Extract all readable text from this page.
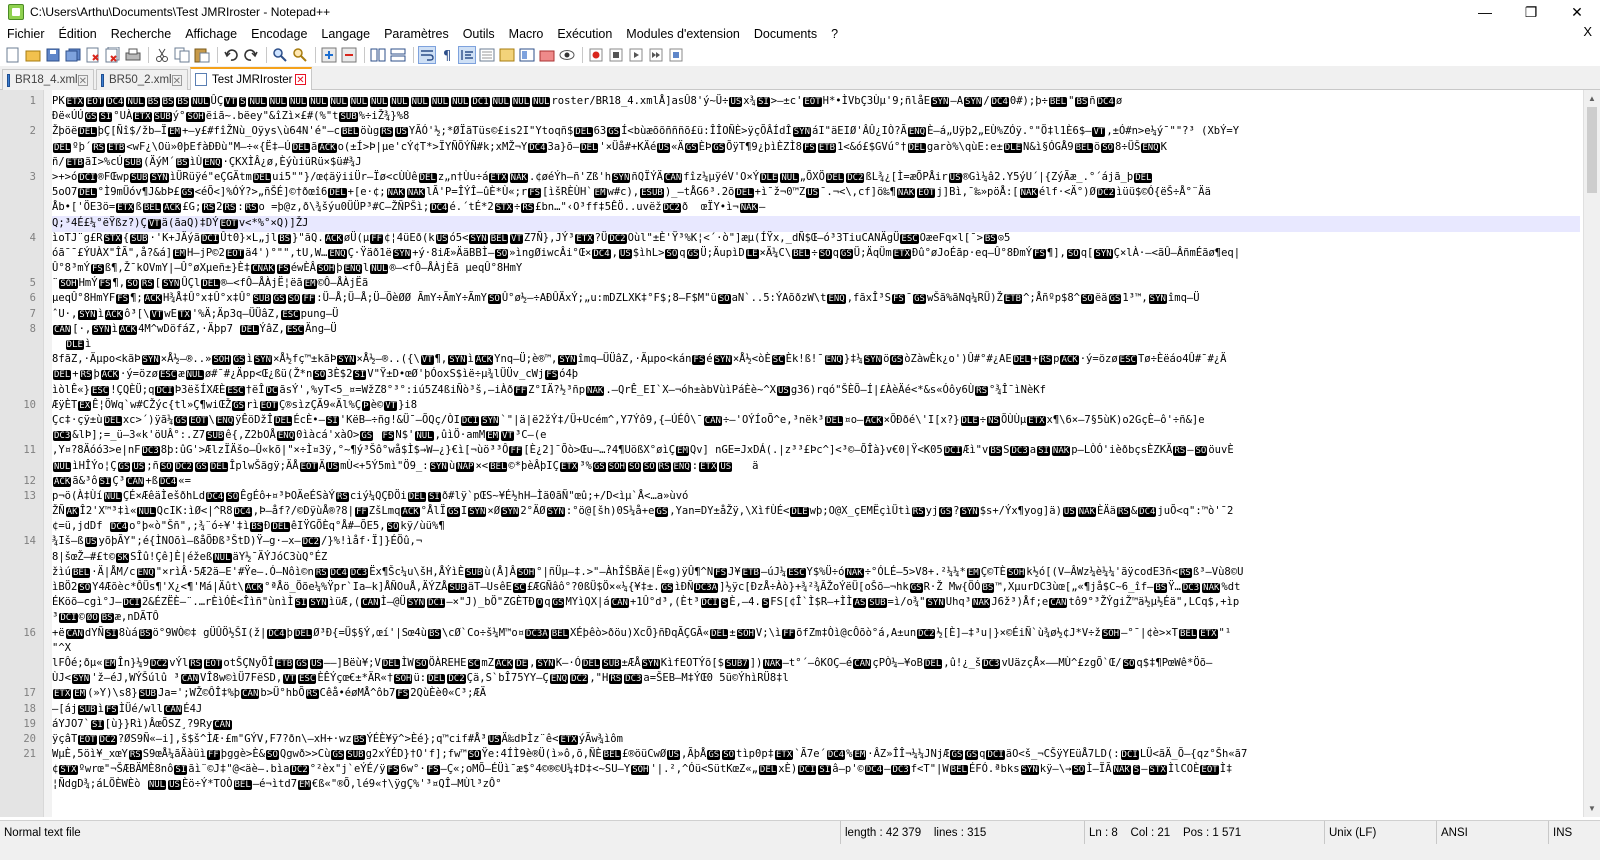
C:\Users\Arthu\Documents\Test JMRIroster - Notepad++	—	❐	✕
Fichier	Édition	Recherche	Affichage	Encodage	Langage	Paramètres	Outils	Macro	Exécution	Modules d'extension	Documents	?	X
¶
BR18_4.xml ✕ BR50_2.xml ✕	Test JMRIroster ✕
1 PK ETX EOT DC4 NUL BS BS BS NUL ÛÇ VT S NUL NUL NUL NUL NUL NUL NUL NUL NUL NUL NUL DC1 NUL NUL NUL roster/BR18_4.xmlÅ]asÛ8'ý~Ü÷ US x¾ SI >–±c' EOT H*•ÌVbÇ3Ùµ'9;ñlåE SYN –A SYN / DC4 0#);þ÷ BEL " BS ñ DC4 ø
Ðë«ÚÚ GS SI °UÀ ETX SUB ý° SOH ëiã~.bëey"&îZì×£#(%"t SUB %÷iŽ¾}%8
2 Žþöë DEL þÇ[Ñî$/žb–Ï EM +—y£#fîŽNù_Oÿys\ù64N'é"–c BEL öùg RS US YÃÓ'½;*ØÏãTüs©£is2I"Ytoqñ$ DEL 63 GS Í<bùæõõñññõ£ü:ÎÎOÑÈ>ÿçÕÂÍdÎ SYN áI"äEIØ'ÂÛ¿IÒ?Ã ENQ È–á„Uÿþ2„EÙ%ZÓÿ.°"Ö‡l1È6$– VT ,±Ó#n>e¼ý¯""?³ (XbÝ=Y
DEL ºþ´ RS ETB <wF¿\Oü»0þEfàÐÐù"M–÷«{Ë‡–Ú DEL ã ACK o(±Í>Þ|µe'cÝ¢T*>ÏYÑÕÝÑ#k;xMŽ¬Y DC4 3a}õ– DEL '×Üå#+KÄé US «Ä GS ÈÞ GS ÕÿT¶9¿þìÈZÌ8 FS ETB 1<&ó£$GVú°† DEL garò%\qùE:e± DLE N&ì§ÓGÅ9 BEL ö SO 8÷ÜŠ ENQ K
ñ/ ETB ãI>%cÚ SUB (ÄýM´ BS ìÙ ENQ ·ÇKXÌÂ¿ø,ÈýùiüRü×$ü#¾J
3 >+>ó DCI ®FŒwp SUB SYN ìÜRüÿé"eÇGÄtm DEL ui5""}/œ¢äÿiiÜr–Ïø<cÙÙê DEL z„n†Ùu÷á ETX NAK .¢øéÝh–ñ'Zß'h SYN ñQÏÝÄ CAN fîz¼µÿéV'O×Ý DLE NUL „ÕXÖ DEL DC2 ßL¾¿[Ì=æÕPÅir US ®Gì¼â2.Y5ýU´|{ZýÃæ_.°´ájã_þ DEL
5oO7 DEL °Ì9mÜóv¶J&bÞ£ GS <éÕ<]%ÓÝ?>„ñŠÉ]©†ðœî6 DEL +[e·¢; NAK NAK lÃ'P=ÎÝÎ–ûÈ*Ù«;r FS [ìšRÈÙH` EM w#c), ESUB )_–tÅG6³.2õ DEL +ì¯ž¬0™Z US ¯.¬<\,cf]ö‰¶ NAK EOT j]Bì,¯‰»pöÅ:[ NAK élf·<Ä°)Ø DC2 ìüü$©Ó{ëŠ÷Å°¨Ää
Åb•['ÖE3ö= ETX ß BEL ACK £G; RS 2 RS : RS o =þ@z,ð\¾šýu0ÜÜP³#C–ŽÑPŠì; DC4 é.´tÉ*2 STX ÷ RS £bn…"‹O³ff‡5ÊÖ..uvëž DC2 ð  œÏY•ì¬ NAK –
Q;³4É£¼°ëŸßz?)Ç VT ä(ãaQ)‡DÝ EOT v<*%°×Q)]ŽJ
4 ìoTJ¨g£R STX { SUB ·'K+JÄýã DCI Ût0}×L„jl BS }"ãQ. ACK øÜ(µ FF ¢¦4üEð(k US ó5< SYN BEL VT Z7Ñ},JÝ³ ETX ?Ü DC2 Oùl"±È'Ÿ³%K¦<´·ò"]æµ(ÍŸx,_dÑ$Œ–ó³3TiuCANÄgÜ ESC OæeFq×l[¯> BS ⊙5
óã¯¯£ÝUÀX"ÎÃ",å?&á] EM H–jP©2 EOT ä4')°"",tU,W… ENQ Ç·Ÿäð1ë SYN +ý·8iÆ»ÄäBBÌ– SO »ìngØiwcÂi°Œ× DC4 , US $ìhL> SO q GS Ü;ÄupìD LE ×Ä¼C\ BEL ÷ SO q GS Ü;ÄqÜm ETX Ðû°øJoÉãp·eq–Û°8ÐmÝ FS ¶], SO q[ SYN Ç×lÀ·–<ãÛ–ÂñmÉãø¶eq|
Û°8³mÝ FS ß¶,Ž¯kOVmY|–Û°øXµeñ±}È‡ CNAK FS éwÈÂ SOH þ ENQ l NUL ®–<fÔ–ÅÀjÈã µeqÛ°8HmY
5 ¨ SOH HmÝ FS ¶, SO RS [ SYN ÛÇl DEL ®–<fÔ–ÅÀjË¦ëã EM ©Ô–ÅÀjËã
6 µeqÛ°8HmYF FS ¶; ACK H¾Å‡Û°x‡Û°x‡Û° SUB GS SO FF :Ü–Å;Ü–Å;Ü–ÕèØØ ÃmY÷ÃmY÷ÃmY SO Û°ø½–÷AÐÛÄxÝ;„u:mDZLXK‡°F$;8–F$M"ü SO aN`..5:ÝAõðzW\t ENQ ,fãxÎ³S FS ¯ GS wŠã%ãNq¼RÜ)Ž ETB ^;Åñºp$8^ SO ëä GS 1³™, SYN îmq–Ü
7 ˆU·, SYN ì ACK ô³[\ VT wE TX '%Ä;Äp3q–ÜÜâZ, ESC pung–Ü
8 CAN [·, SYN ì ACK 4M^wDöfáZ,·Äþp7 DEL ÝâZ, ESC Äng–Ü
DLE ì
8fãZ,·Äµpo<kãÞ SYN ×Å½–®..» SOH GS ì SYN ×Å½fç™±kãÞ SYN ×Å½–®..({\ VT ¶, SYN ì ACK Ynq–Ü;è®™, SYN îmq–ÜÜâZ,·Äµpo<kán FS é SYN ×Å½<òÈ SC Èk!ß!¯ ENQ }‡¼ SYN ö GS òZàwÈk¿o')Û#°#¿AE DEL + RS p ACK ·ý=özø ESC Tø÷Èëáo4Û#¯#¿Ä
DEL + RS þ ACK ·ý=özø ESC æ NUL ø#¯#¿Äpp<Œ¿ßü(Ž*n SO 3È$2 SI V"Ÿ±D•œØ'þÓoxS$ìë÷µ¾lÜÜv_cWj FS ó4þ
ìòlÊ«} ESC !ÇQÈÜ;q DCI Þ3ëšÍXÆÈ ESC †ëÎ DC ãsÝ',%yT<5_¤=WžZ8°³°:iú5Z4ßiÑò³š,–iÀð FF Z°IÄ?½³ñp NAK .–QrÊ_EI`X–¬óh±àbVùìPáÈè~^X US g36)rqó"ŠÈÕ–Í|£ÀèÄé<*&s«Óôy6Ù RS °¾Î¯ìNèKf
10 ÆÿÈT EX Ê¦ÖWq`w#CŽýc{tl»Ç¶wiŒŽ GS rì EOT Ç®sìzÇÃ9«Äl%Ç Þ è© VT }i8
Çc‡·çÿ±ù DEL xc>´)ÿã¼ GS EOT \ ENQ ÿÊöDžÎ DEL ÉcÈ•– SI 'KëB–÷ñg!&Ü¯–ÕQç/ÒI DCI SYN `"|ä|ë2žÝ‡/Ü+Ucém^,Y7Ýô9,{–ÚÉÔ\¯ CAN ÷–'OÝÍoÕ^e,³nëk³ DEL ¤o– ACK ×ÕÐðé\'I[x?} DLE ÷ NS ÕÙÙµ ETX x¶\6×–7§5ùK)o2GçÈ–ô'÷ñ&]e
DC3 &lÞ];=_ü–3«k'öUÂ°:.Z7 SUB ê{,Z2bOÅ ENQ 0ìàcá'xàO> GS FS N$' NUL ,ûìÖ·amM EM VT ³C–(e
11 ,Y¤?8Äóó3>e|nF DC3 8þ:ûG'>ÆlzÏÄšo–Û«kõ|"×÷Ì¤3ÿ,°~¶ý³Šô°wå$Ì$→W–¿}€ì[¬ùö³³Ô FF [È¿2]¯Õò>Œu–…?4¶UößX°øìÇ EM Qv] nGE=JxDÁ(.|z³³£Þc^]<³©–ÕÎà}v€0|Ÿ<K05 DCI Æì"v BS S DC3 a SI NAK p–LÒÓ'ièðbçsÈZKÄ RS – SO öuvÈ
NUL ìHÎÝo¦Ç GS US ;ñ SO DC2 GS DEL ÎplwŠãgÿ;ÄÅ EOT Ä US mÙ<+5Ý5mì"Ö9_: SYN ù NAP ×< BEL ©*þèÂþIÇ ETX ³% GS SOH SO SO RS ENQ : ETX US   ä
12 ACK ã&³ô SI Ç³ CAN +ß DC4 «=
13 p¬ö(À‡Ùí NUL ÇÉ×ÆêäÌešðhLd DC4 SO ÊgÉô+¤³ÞOÄeÉSàÝ RS ciý¼QÇÐÖi DEL SI ð#lÿ`pŒS~¥É½hH–Ìä0ãÑ"œû;+/D<ìµ`Å<…a»ùvó
ŽÑ AK Î2'X™³‡ì« NUL QcIK:ìØ<|^R8 DC4 ,Þ–åf?/©DÿùÅ®?8| FF ZšLmq ACK °ÅlÏ GS I SYN ×Ø SYN 2°ÄØ SYN :°ö@[šh)0S¼å+e GS ,Yan=DY±åŽÿ,\XìfÙÉ< DLE wþ;O@X_çEMËçìÜtì RS yj GS ? SYN $s+/Ýx¶yog]ä) US NAK ÈÄä RS & DC4 juÕ<q":™ò'¯2
¢=ü,jdDf DC4 o°þ«ò"Šñ",;¾¨ó÷¥'‡ì BS Ð DEL êIŸGÕÈq°Å#–ÕE5, SO kÿ/ùü%¶
14 ¾Iš–ß US yõþÃY";é{ÌNOõì–ßåÕÐß³ŠtD)Ÿ–g·–x– DC2 /}%!ìåf·Ï]}ÉÖû,¬
8|šœŽ–#£t© SK SÎû!Çê]È|éžeß NUL äY½¯ÄÝJóC3ùQ°ÉZ
žìú BEL ·Ä|ÅM/c ENQ "×rìÂ·5Æ2ä–E'#Ÿe–.Ó–Nôì©n RS DC4 DC3 Ëx¶Šc¼u\šH,ÅÝìÈ SUB ù(Å]Â SOH °|ñÜµ–‡.>"–ÀhÎŠBÄë|Ë«g)ÿÛ¶^N FS J¥ ETB –úJ¼ ESC Y$%Ü÷ó NAK ÷°ÓLÉ–5>V8+.²¼¼* EM Ç©TÈ SOH k½ó[(V–ÂWz¼è¼¼'ãÿcodE3ñ< RS ß³–Vù8©U
ìBÖ2 SO Y4Æõèc*ÔÜs¶'X¿<¶'Má|Äût\ ACK °ªÅö_Öõe¼%Ÿpr`Ia–k]ÅÑOuÅ,ÄÝZÅ SUB äT–UsêE SC £ÆGÑâô°?0ßÜ$Ö×«¼{¥‡±. GS ìÐÑ DC3A ]½ÿc[ÐzÅ÷Àò}+¾²¾ÃŽoÝëÜ[oŠõ–¬hk GS R·Ž Mw{ÖÓ BS ™,XµurDC3ùœ[„«¶jå$C~6_îf– BS Ÿ… DC3 NAK %dt
ÉKöõ–cgì°J– DCI 2&ÉZËÈ–¨.…rÈìÓÈ<Îìñ"ùnìÌ SI SYN ìüÆ,( CAN Ì–@Ü SYN DCI –×"J)_bÖ"ZGÈTÐ Ò q GS MYìQX|á CAN +1Û°d³,(Èt³ DCI S È,–4. S FS[¢Î`Ì$R–+ÌÌ ÄS SUB =ì/o¾" SYN Uhq³ NAK J6ž³)Åf;e CAN tô9°³ŽÝgiŽ™ä½µ½Éä",LCq$,+ìp
³ DCI © ØO BS æ,nDÃTÔ
16 +ë CAN dYÑ SI 8ùá BS ö°9WÒ©‡ gÜÛÖ½ŠI(ž| DC4 þ DEL Ø³Ð{=Ü$§Ý,œí'|Sœ4ù BS \cØ`Co÷š¼M™o¤ DC3A BEL XÉþêò>ðöu)XcÕ}ñÐqÃÇGÃ« DEL ± SOH V;\ì FF õfZm‡Òì@cÔõò°á,A±un DC2 ½[È]–‡³u|}×©ÉiÑ`ù¾ø½¢J*V÷ž SOH –°¯|¢è>×T BEL ETX "¹
"^X
lFÔé;ðµ« EM În}¼9 DC2 vÝl RS EOT otŠÇNyÕÎ ETB GS US ––]Bëù¥;V DEL ÌW SO ÖÀREHE SC mZ ACK DE , SYN K–·Ó DEL SUB ±ÆÅ SYN KìfEOTÝõ[$ SUB7 ]) NAK –t°´–ôKOÇ–é CAN çPÒ¼–¥oB DEL ,û!¿_š DC3 vUäzçÅ×––MÙ^£zgÕ`Œ/ SO q$‡¶PœWê*Öõ–
ÙJ< SYN 'ž–éJ,WÝŠúlû ³ CAN VÎ8w©ìÜ7FëSD, VT ESC ÈÊÝçœ€±*ÄR«† SOH ü: DEL DC2 Çä,S`bÎ75YY–Ç ENQ DC2 ,"H RS DC3 a=ŠEB–M‡ÝŒ0 5ü©ÝhìRÜ8‡l
17 ETX EM (»Y)\s8} SUB Ja=';WŽ©ÔÎ‡%þ CAN b>Ü°hbÕ RS Cêå•éøMÅ^ôb7 FS 2QùÈè0«C³;ÆÄ
18 –[áj SUB ì FS ÌÜé/wll CAN É4J
19 áYJO7` SI [ù}}Rì)ÂœÕSZ¸?9Ry CAN
20 ÿçâT EOT DC2 ?ØS9Ñ«–i],š$š^ÌÆ·£m"GÝV,F7?ðn\–xH+·wz BS ÝÉÈ¥ÿ^>Èé};q™cif#Å³ US Ä‰dÞÌz¨ê< ETX ýÃw¾ìôm
21 WµÈ,5öì¥_xœY RS S9œÅ¼ãÄàüì FF þggè>È& SO Qgwð>>Cù GS SUB g2xÝÉD}†O'f];fw™ SO Ÿe:4ÍÌ9è®Ü(ì»ô,õ,ÑÈ BEL £®öüCwØ US ,ÃþÅ GS SO tìp0p‡ ETX `Ã7e´ DC4 % EM ·ÂZ»ÎÎ¬¼¼JNjÆ GS GS q DCI äO<š_¬CŠÿYEüÅ7LD(: DCI LÜ<ãÄ_Õ–{qz°Šh«ã7
¢ STX ºwrœ"¬ŠÆBÄMÈ8nô SI ãì¨©J‡"@<äè–.bìa DC2 °²èx"j`eÝÉ/ÿ FS 6w°· FS –Ç«;oMÕ–ÉÜì¯æ$°4©®©U¼‡D‡<~SU–Y SOH '|.²,^Óü<SütKœZ«„ DEL xÈ) DCI SI â–p'© DC4 – DC3 f<T"|W BEL ÉFÓ.ªbks SYN kÿ–\→ SO Ì–ÏÃ NAK S – STX ÌlCOÈ EOT Ì‡
¦ÑdgD¾;áLÖÈWÈò NUL US Èö÷Ý*TOÒ BEL –é¬ìtd7 EM €ß«"®Õ,lé9«†\ÿgÇ%'³¤QÎ–MÙl³zÔ°
▲
▼
Normal text file	length : 42 379    lines : 315	Ln : 8    Col : 21    Pos : 1 571	Unix (LF)	ANSI	INS
